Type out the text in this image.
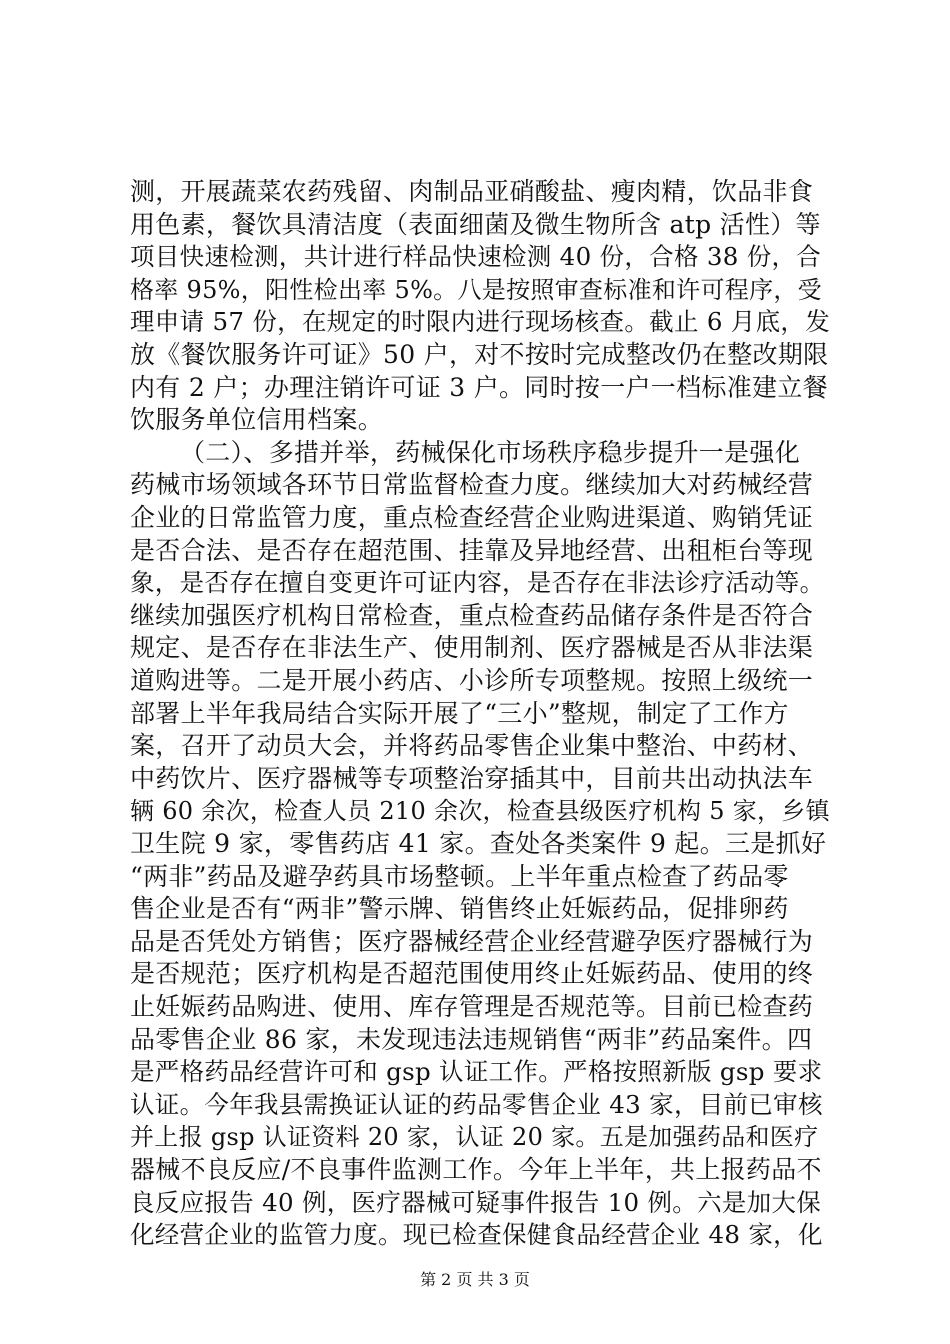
测，开展蔬菜农药残留、肉制品亚硝酸盐、瘦肉精，饮品非食
用色素，餐饮具清洁度（表面细菌及微生物所含 atp 活性）等
项目快速检测，共计进行样品快速检测 40 份，合格 38 份，合
格率 95%，阳性检出率 5%。八是按照审查标准和许可程序，受
理申请 57 份，在规定的时限内进行现场核查。截止 6 月底，发
放《餐饮服务许可证》50 户，对不按时完成整改仍在整改期限
内有 2 户；办理注销许可证 3 户。同时按一户一档标准建立餐
饮服务单位信用档案。
（二）、多措并举，药械保化市场秩序稳步提升一是强化
药械市场领域各环节日常监督检查力度。继续加大对药械经营
企业的日常监管力度，重点检查经营企业购进渠道、购销凭证
是否合法、是否存在超范围、挂靠及异地经营、出租柜台等现
象，是否存在擅自变更许可证内容，是否存在非法诊疗活动等。
继续加强医疗机构日常检查，重点检查药品储存条件是否符合
规定、是否存在非法生产、使用制剂、医疗器械是否从非法渠
道购进等。二是开展小药店、小诊所专项整规。按照上级统一
部署上半年我局结合实际开展了“三小”整规，制定了工作方
案，召开了动员大会，并将药品零售企业集中整治、中药材、
中药饮片、医疗器械等专项整治穿插其中，目前共出动执法车
辆 60 余次，检查人员 210 余次，检查县级医疗机构 5 家，乡镇
卫生院 9 家，零售药店 41 家。查处各类案件 9 起。三是抓好
“两非”药品及避孕药具市场整顿。上半年重点检查了药品零
售企业是否有“两非”警示牌、销售终止妊娠药品，促排卵药
品是否凭处方销售；医疗器械经营企业经营避孕医疗器械行为
是否规范；医疗机构是否超范围使用终止妊娠药品、使用的终
止妊娠药品购进、使用、库存管理是否规范等。目前已检查药
品零售企业 86 家，未发现违法违规销售“两非”药品案件。四
是严格药品经营许可和 gsp 认证工作。严格按照新版 gsp 要求
认证。今年我县需换证认证的药品零售企业 43 家，目前已审核
并上报 gsp 认证资料 20 家，认证 20 家。五是加强药品和医疗
器械不良反应/不良事件监测工作。今年上半年，共上报药品不
良反应报告 40 例，医疗器械可疑事件报告 10 例。六是加大保
化经营企业的监管力度。现已检查保健食品经营企业 48 家，化
第 2 页 共 3 页
